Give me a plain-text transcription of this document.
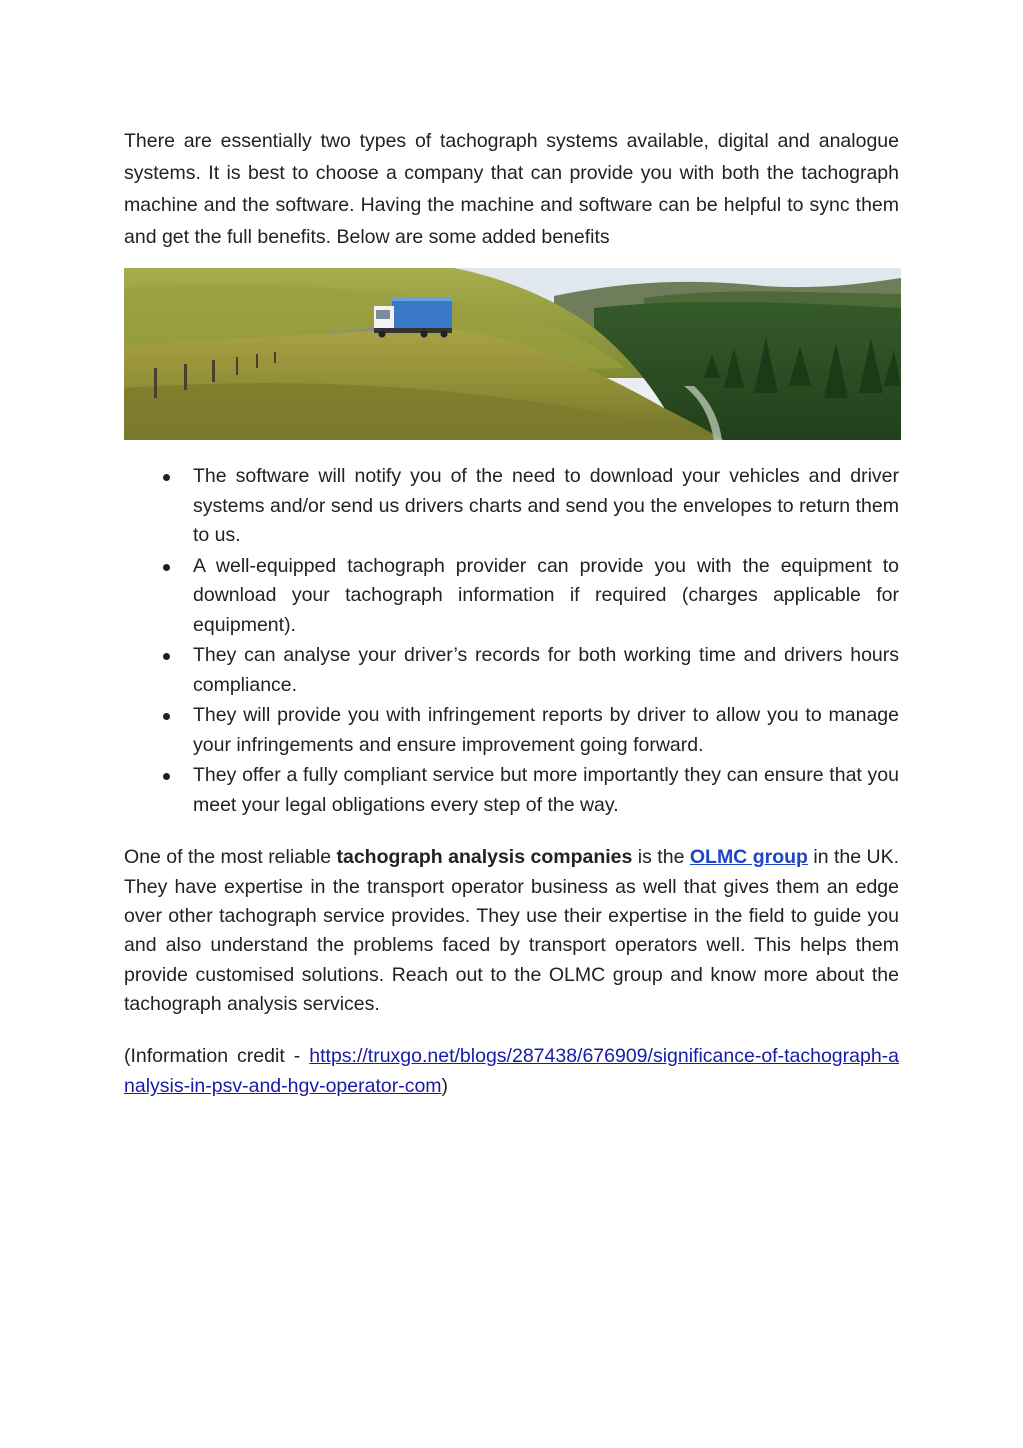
There are essentially two types of tachograph systems available, digital and analogue systems. It is best to choose a company that can provide you with both the tachograph machine and the software. Having the machine and software can be helpful to sync them and get the full benefits. Below are some added benefits

The software will notify you of the need to download your vehicles and driver systems and/or send us drivers charts and send you the envelopes to return them to us.
A well-equipped tachograph provider can provide you with the equipment to download your tachograph information if required (charges applicable for equipment).
They can analyse your driver’s records for both working time and drivers hours compliance.
They will provide you with infringement reports by driver to allow you to manage your infringements and ensure improvement going forward.
They offer a fully compliant service but more importantly they can ensure that you meet your legal obligations every step of the way.

One of the most reliable tachograph analysis companies is the OLMC group in the UK. They have expertise in the transport operator business as well that gives them an edge over other tachograph service provides. They use their expertise in the field to guide you and also understand the problems faced by transport operators well. This helps them provide customised solutions. Reach out to the OLMC group and know more about the tachograph analysis services.

(Information credit - https://truxgo.net/blogs/287438/676909/significance-of-tachograph-analysis-in-psv-and-hgv-operator-com)
